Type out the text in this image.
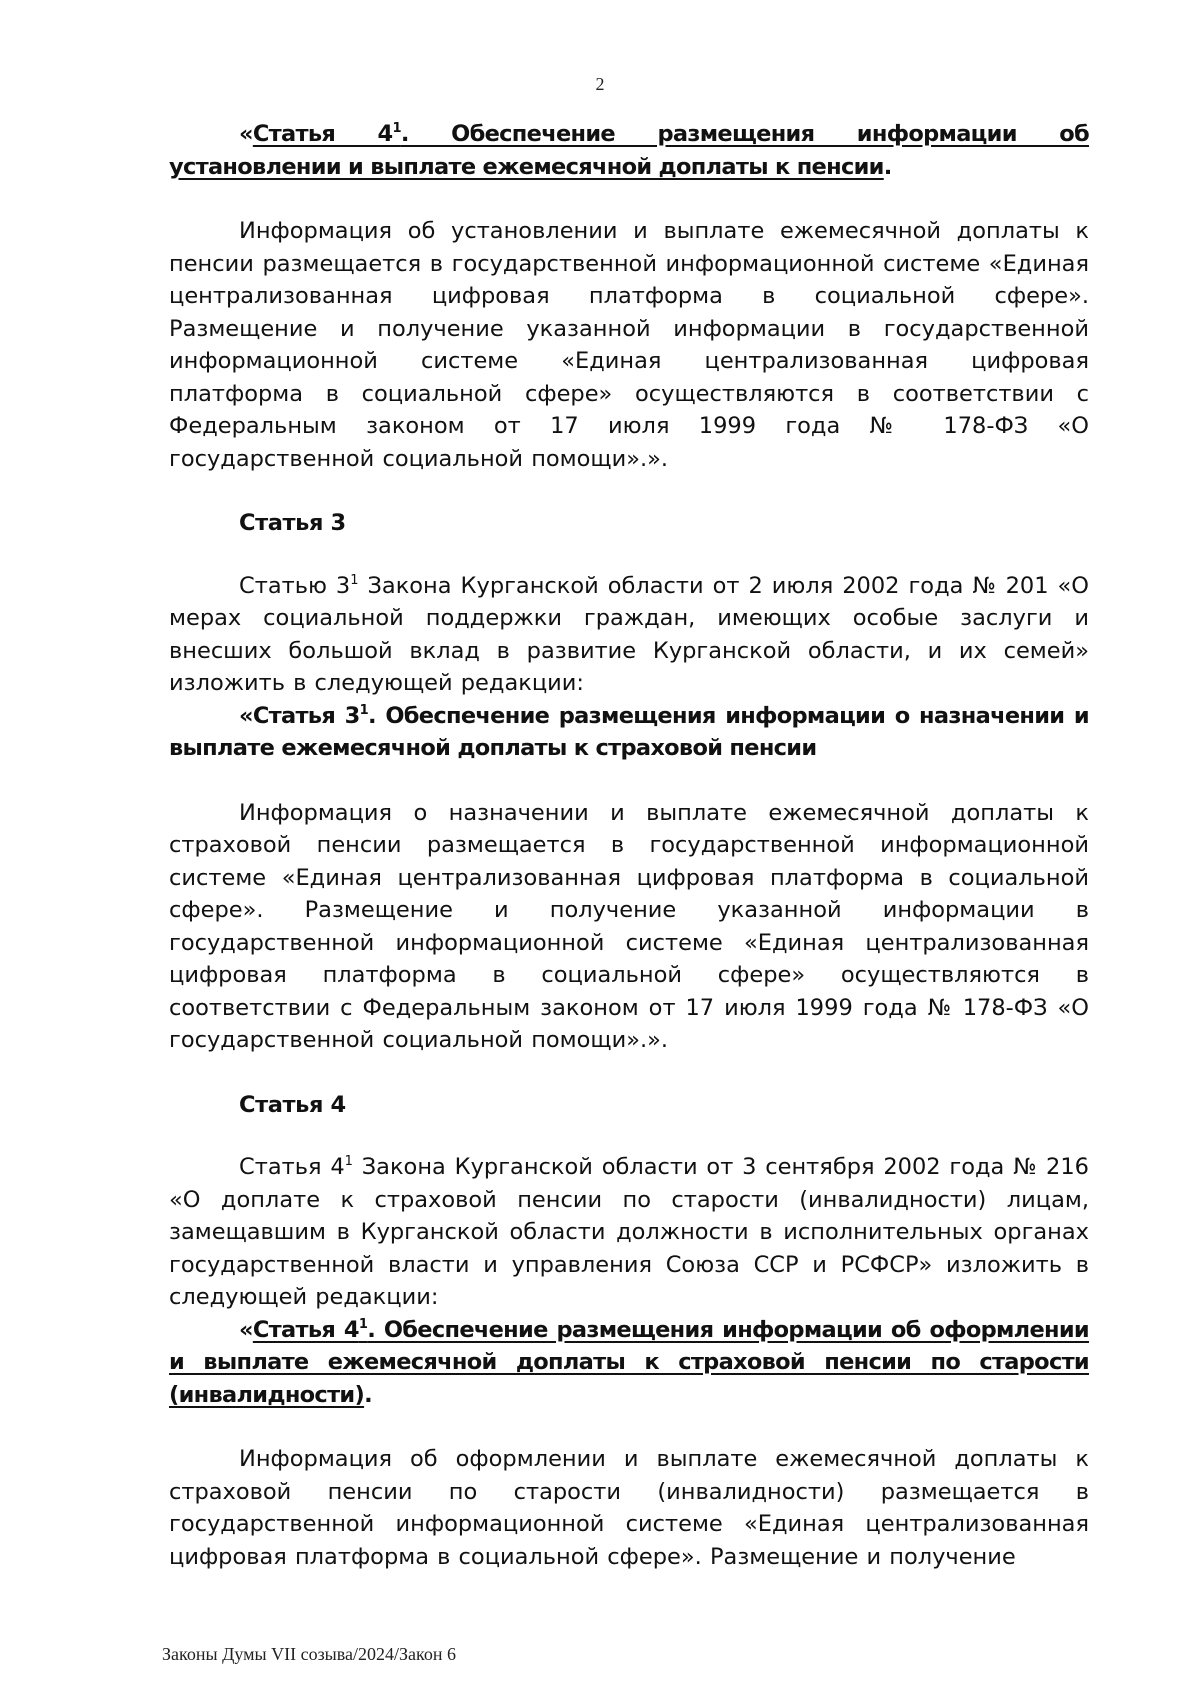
2

«Статья $4^1$. Обеспечение размещения информации об установлении и выплате ежемесячной доплаты к пенсии.

Информация об установлении и выплате ежемесячной доплаты к пенсии размещается в государственной информационной системе «Единая централизованная цифровая платформа в социальной сфере». Размещение и получение указанной информации в государственной информационной системе «Единая централизованная цифровая платформа в социальной сфере» осуществляются в соответствии с Федеральным законом от 17 июля 1999 года № 178-ФЗ «О государственной социальной помощи».».

Статья 3

Статью $3^1$ Закона Курганской области от 2 июля 2002 года № 201 «О мерах социальной поддержки граждан, имеющих особые заслуги и внесших большой вклад в развитие Курганской области, и их семей» изложить в следующей редакции:

«Статья $3^1$. Обеспечение размещения информации о назначении и выплате ежемесячной доплаты к страховой пенсии

Информация о назначении и выплате ежемесячной доплаты к страховой пенсии размещается в государственной информационной системе «Единая централизованная цифровая платформа в социальной сфере». Размещение и получение указанной информации в государственной информационной системе «Единая централизованная цифровая платформа в социальной сфере» осуществляются в соответствии с Федеральным законом от 17 июля 1999 года № 178-ФЗ «О государственной социальной помощи».».

Статья 4

Статья $4^1$ Закона Курганской области от 3 сентября 2002 года № 216 «О доплате к страховой пенсии по старости (инвалидности) лицам, замещавшим в Курганской области должности в исполнительных органах государственной власти и управления Союза ССР и РСФСР» изложить в следующей редакции:

«Статья $4^1$. Обеспечение размещения информации об оформлении и выплате ежемесячной доплаты к страховой пенсии по старости (инвалидности).

Информация об оформлении и выплате ежемесячной доплаты к страховой пенсии по старости (инвалидности) размещается в государственной информационной системе «Единая централизованная цифровая платформа в социальной сфере». Размещение и получение

Законы Думы VII созыва/2024/Закон 6
